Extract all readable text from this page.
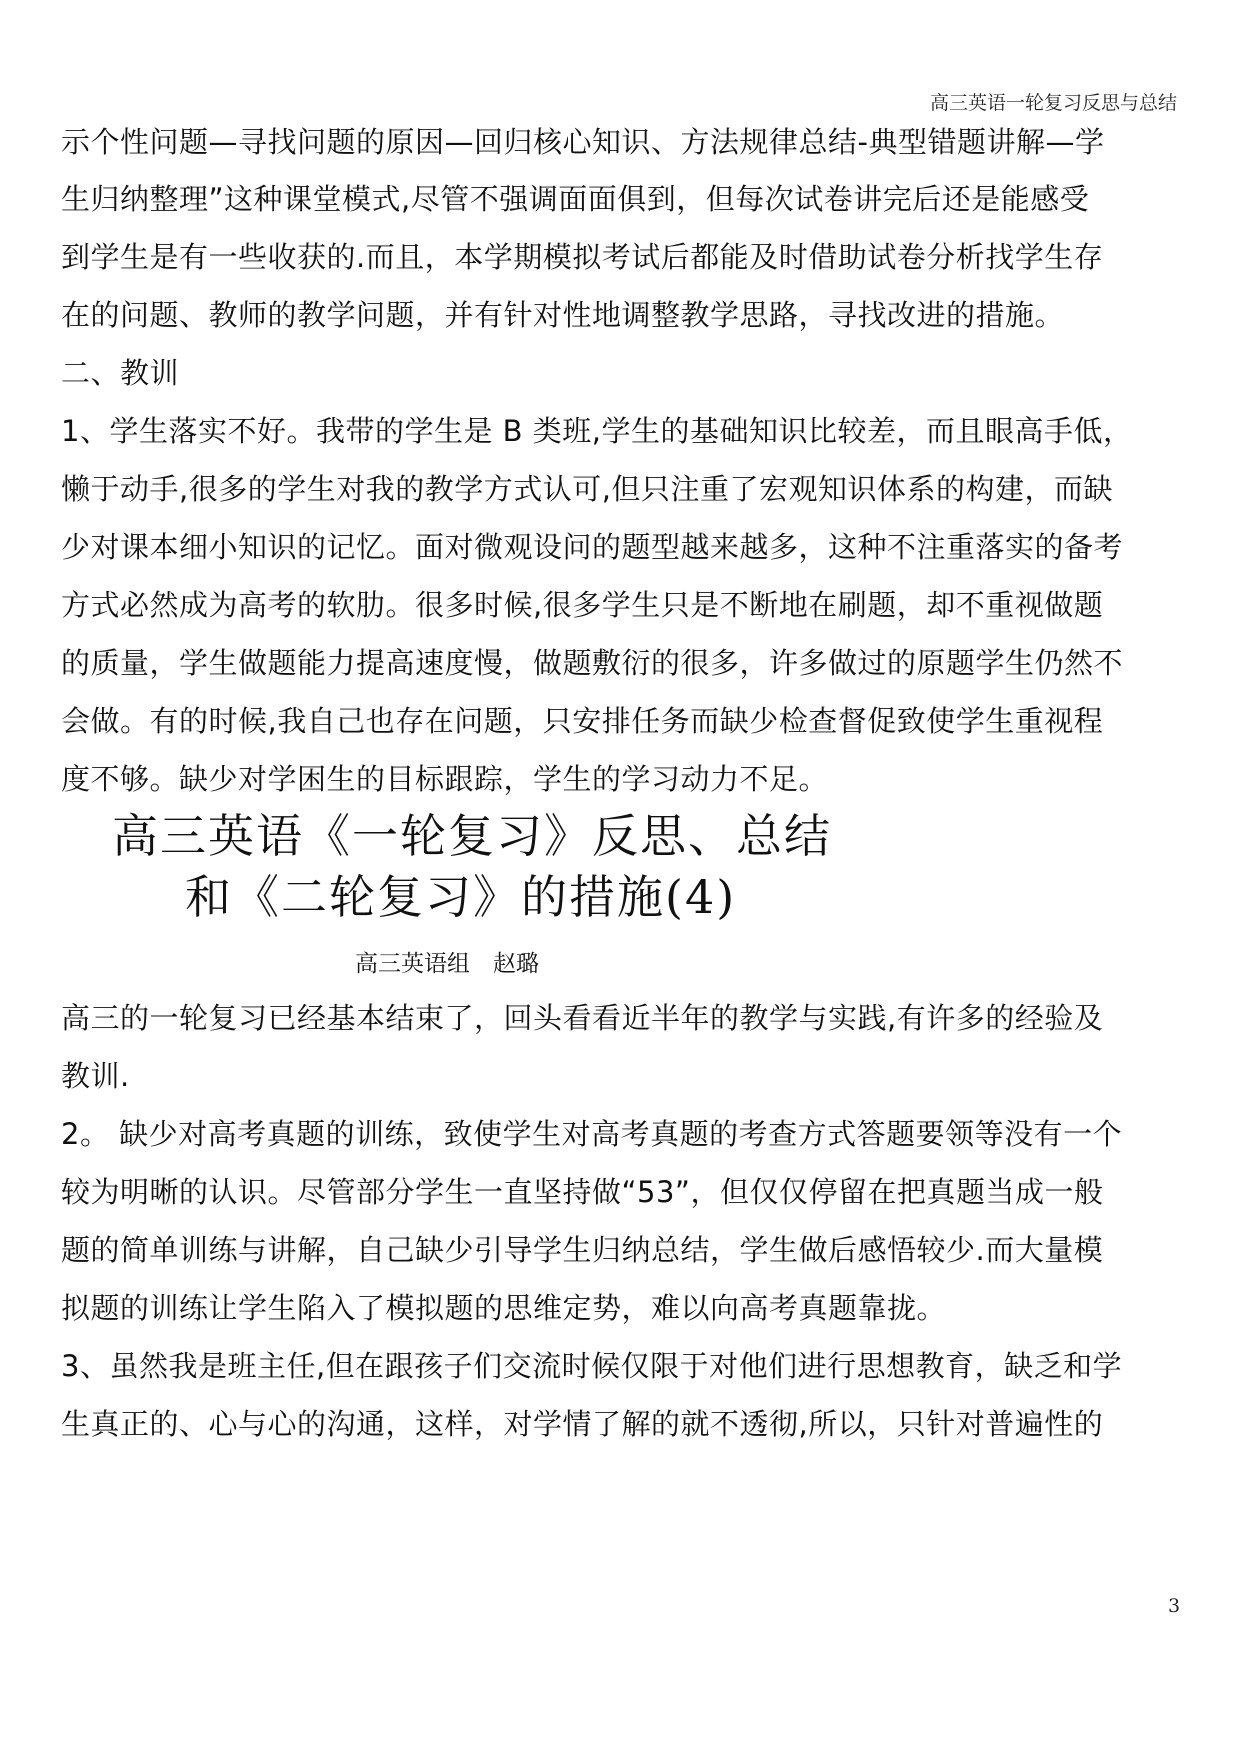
高三英语一轮复习反思与总结
示个性问题—寻找问题的原因—回归核心知识、方法规律总结-典型错题讲解—学
生归纳整理”这种课堂模式,尽管不强调面面俱到，但每次试卷讲完后还是能感受
到学生是有一些收获的.而且，本学期模拟考试后都能及时借助试卷分析找学生存
在的问题、教师的教学问题，并有针对性地调整教学思路，寻找改进的措施。
二、教训
1、学生落实不好。我带的学生是 B 类班,学生的基础知识比较差，而且眼高手低，
懒于动手,很多的学生对我的教学方式认可,但只注重了宏观知识体系的构建，而缺
少对课本细小知识的记忆。面对微观设问的题型越来越多，这种不注重落实的备考
方式必然成为高考的软肋。很多时候,很多学生只是不断地在刷题，却不重视做题
的质量，学生做题能力提高速度慢，做题敷衍的很多，许多做过的原题学生仍然不
会做。有的时候,我自己也存在问题，只安排任务而缺少检查督促致使学生重视程
度不够。缺少对学困生的目标跟踪，学生的学习动力不足。
高三英语《一轮复习》反思、总结
和《二轮复习》的措施(4)
高三英语组　赵璐
高三的一轮复习已经基本结束了，回头看看近半年的教学与实践,有许多的经验及
教训.
2。 缺少对高考真题的训练，致使学生对高考真题的考查方式答题要领等没有一个
较为明晰的认识。尽管部分学生一直坚持做“53”，但仅仅停留在把真题当成一般
题的简单训练与讲解，自己缺少引导学生归纳总结，学生做后感悟较少.而大量模
拟题的训练让学生陷入了模拟题的思维定势，难以向高考真题靠拢。
3、虽然我是班主任,但在跟孩子们交流时候仅限于对他们进行思想教育，缺乏和学
生真正的、心与心的沟通，这样，对学情了解的就不透彻,所以，只针对普遍性的
3
